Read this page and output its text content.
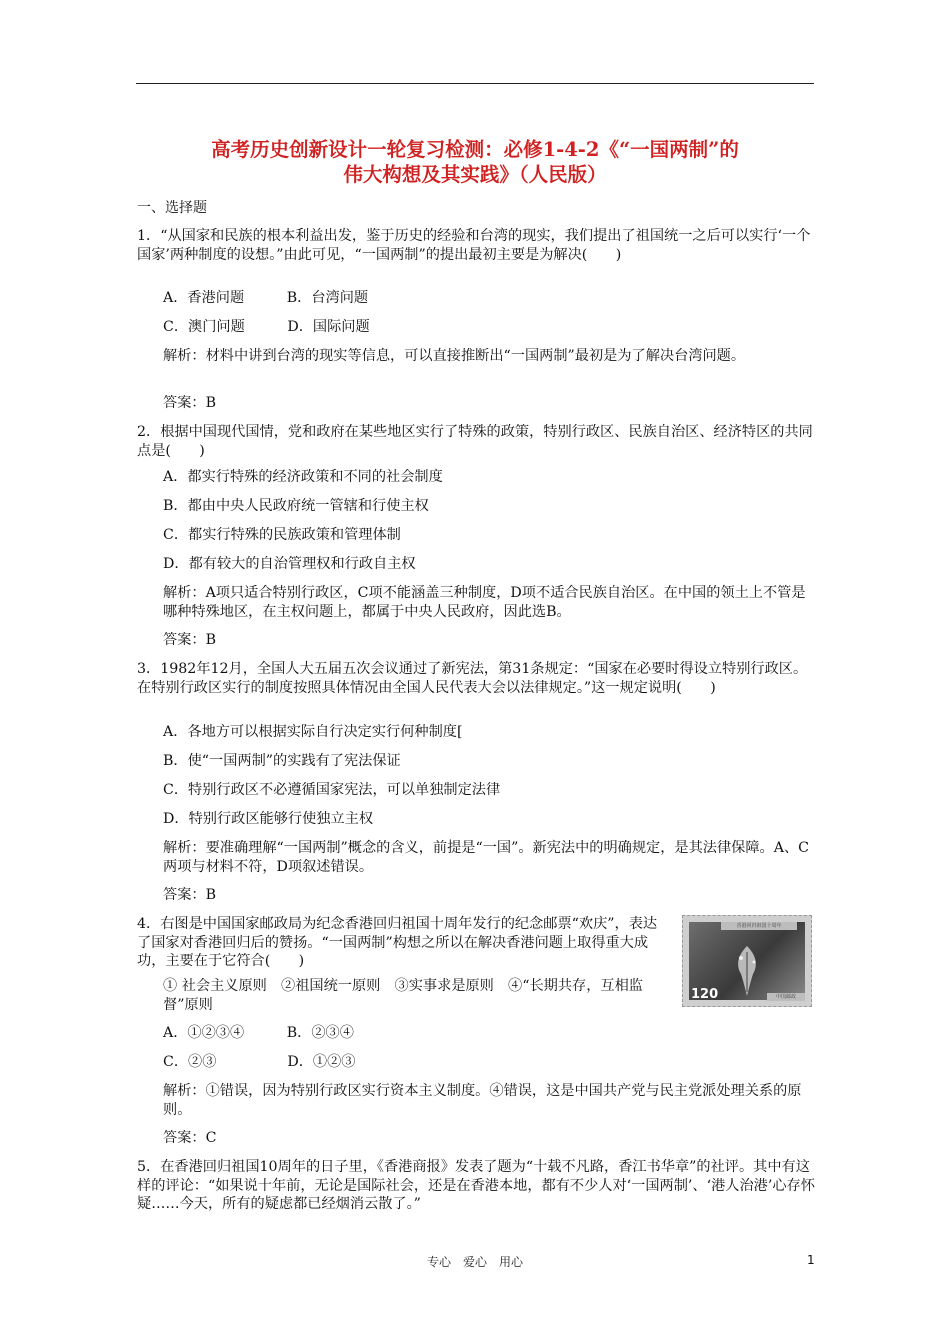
高考历史创新设计一轮复习检测：必修1-4-2《“一国两制”的
伟大构想及其实践》（人民版）
一、选择题
1．“从国家和民族的根本利益出发，鉴于历史的经验和台湾的现实，我们提出了祖国统一之后可以实行‘一个国家’两种制度的设想。”由此可见，“一国两制”的提出最初主要是为解决(　　)
A．香港问题　　　B．台湾问题
C．澳门问题　　　D．国际问题
解析：材料中讲到台湾的现实等信息，可以直接推断出“一国两制”最初是为了解决台湾问题。
答案：B
2．根据中国现代国情，党和政府在某些地区实行了特殊的政策，特别行政区、民族自治区、经济特区的共同点是(　　)
A．都实行特殊的经济政策和不同的社会制度
B．都由中央人民政府统一管辖和行使主权
C．都实行特殊的民族政策和管理体制
D．都有较大的自治管理权和行政自主权
解析：A项只适合特别行政区，C项不能涵盖三种制度，D项不适合民族自治区。在中国的领土上不管是哪种特殊地区，在主权问题上，都属于中央人民政府，因此选B。
答案：B
3．1982年12月，全国人大五届五次会议通过了新宪法，第31条规定：“国家在必要时得设立特别行政区。在特别行政区实行的制度按照具体情况由全国人民代表大会以法律规定。”这一规定说明(　　)
A．各地方可以根据实际自行决定实行何种制度[
B．使“一国两制”的实践有了宪法保证
C．特别行政区不必遵循国家宪法，可以单独制定法律
D．特别行政区能够行使独立主权
解析：要准确理解“一国两制”概念的含义，前提是“一国”。新宪法中的明确规定，是其法律保障。A、C两项与材料不符，D项叙述错误。
答案：B
4．右图是中国国家邮政局为纪念香港回归祖国十周年发行的纪念邮票“欢庆”，表达了国家对香港回归后的赞扬。“一国两制”构想之所以在解决香港问题上取得重大成功，主要在于它符合(　　)
① 社会主义原则　②祖国统一原则　③实事求是原则　④“长期共存，互相监督”原则
A．①②③④　　　B．②③④
C．②③　　　　　D．①②③
解析：①错误，因为特别行政区实行资本主义制度。④错误，这是中国共产党与民主党派处理关系的原则。
答案：C
香港回归祖国十周年
120	中国邮政
5．在香港回归祖国10周年的日子里，《香港商报》发表了题为“十载不凡路，香江书华章”的社评。其中有这样的评论：“如果说十年前，无论是国际社会，还是在香港本地，都有不少人对‘一国两制’、‘港人治港’心存怀疑……今天，所有的疑虑都已经烟消云散了。”
专心　爱心　用心	1
